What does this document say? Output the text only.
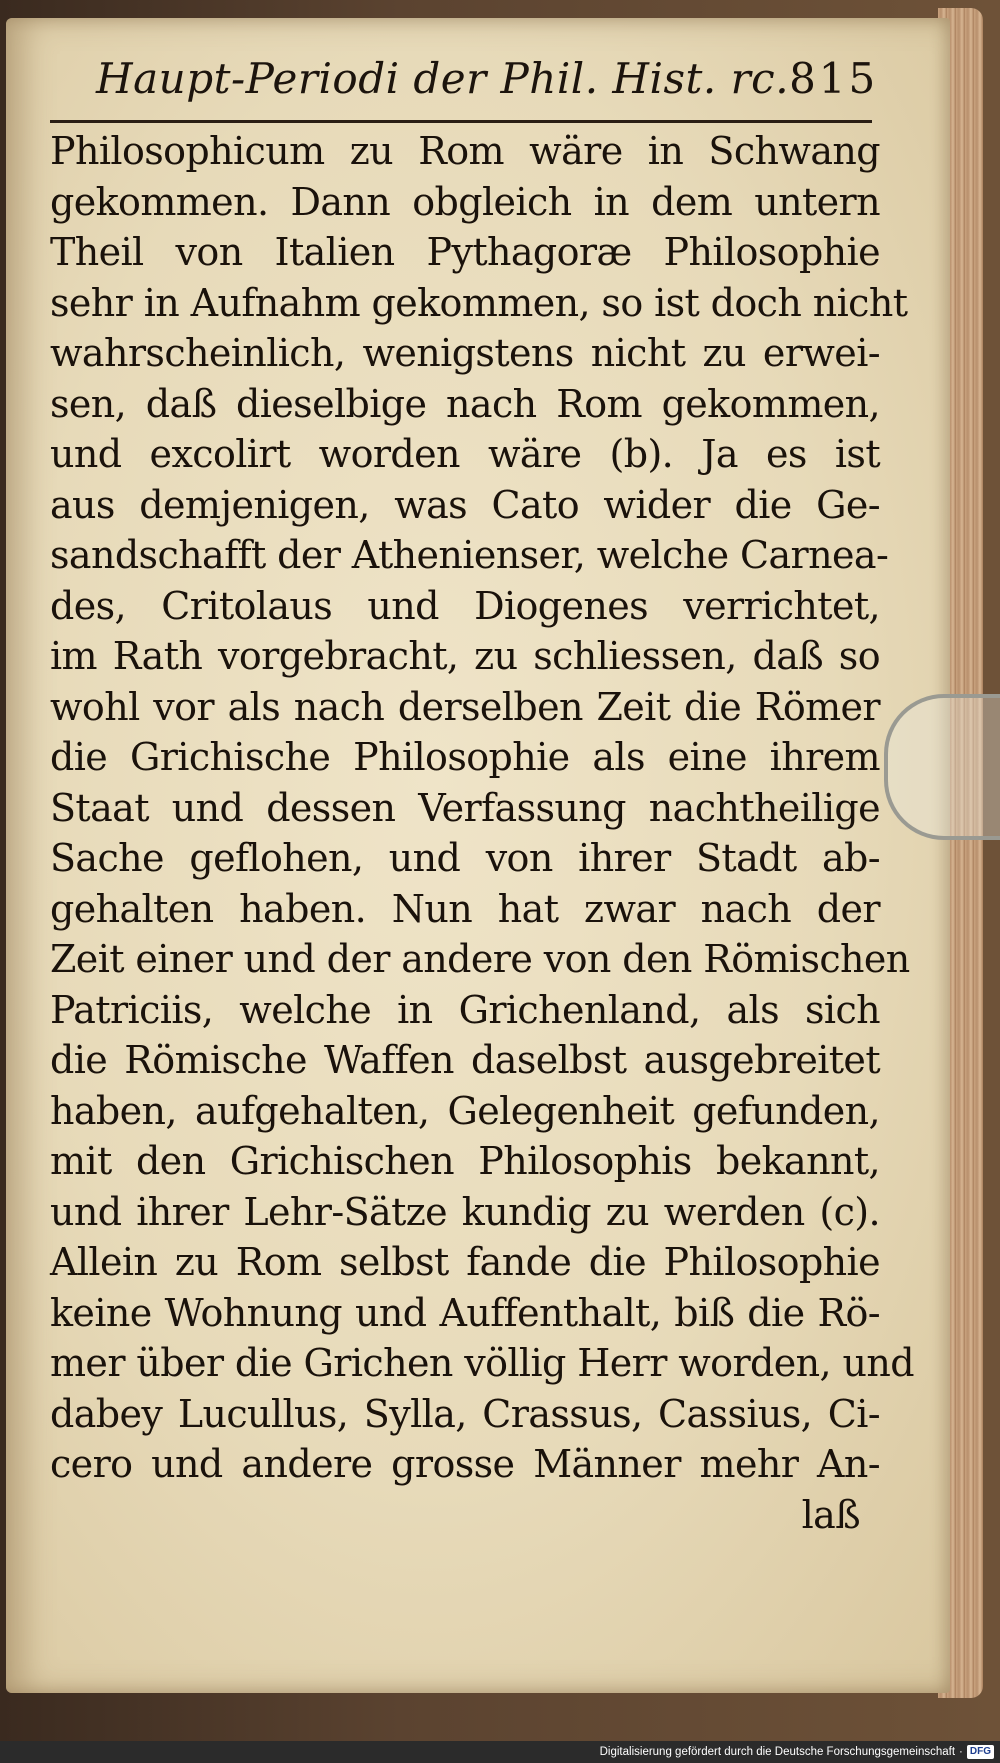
Haupt-Periodi der Phil. Hist. rc. 815
Philosophicum zu Rom wäre in Schwang
gekommen. Dann obgleich in dem untern
Theil von Italien Pythagoræ Philosophie
sehr in Aufnahm gekommen, so ist doch nicht
wahrscheinlich, wenigstens nicht zu erwei-
sen, daß dieselbige nach Rom gekommen,
und excolirt worden wäre (b). Ja es ist
aus demjenigen, was Cato wider die Ge-
sandschafft der Athenienser, welche Carnea-
des, Critolaus und Diogenes verrichtet,
im Rath vorgebracht, zu schliessen, daß so
wohl vor als nach derselben Zeit die Römer
die Grichische Philosophie als eine ihrem
Staat und dessen Verfassung nachtheilige
Sache geflohen, und von ihrer Stadt ab-
gehalten haben. Nun hat zwar nach der
Zeit einer und der andere von den Römischen
Patriciis, welche in Grichenland, als sich
die Römische Waffen daselbst ausgebreitet
haben, aufgehalten, Gelegenheit gefunden,
mit den Grichischen Philosophis bekannt,
und ihrer Lehr-Sätze kundig zu werden (c).
Allein zu Rom selbst fande die Philosophie
keine Wohnung und Auffenthalt, biß die Rö-
mer über die Grichen völlig Herr worden, und
dabey Lucullus, Sylla, Crassus, Cassius, Ci-
cero und andere grosse Männer mehr An-
laß
Digitalisierung gefördert durch die Deutsche Forschungsgemeinschaft · DFG
